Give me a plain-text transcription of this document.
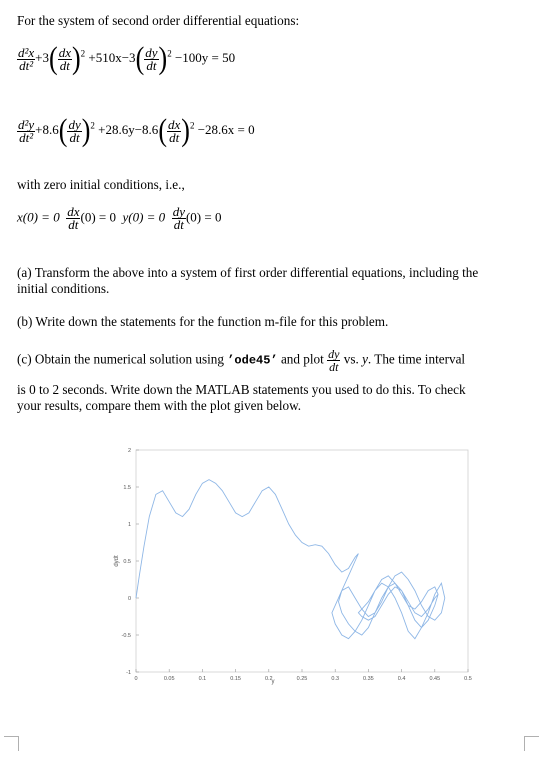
For the system of second order differential equations:
$\frac{\text{d²x}}{\text{dt²}} +3( \frac{dx}{dt} )^2 +510x-3( \frac{dy}{dt} )^2 -100y = 50$
$\frac{\text{d²y}}{\text{dt²}} +8.6( \frac{dy}{dt} )^2 +28.6y-8.6( \frac{dx}{dt} )^2 -28.6x = 0$
with zero initial conditions, i.e.,
$x(0) = 0 \frac{dx}{dt} (0) = 0$ $y(0) = 0 \frac{dy}{dt} (0) = 0$
(a) Transform the above into a system of first order differential equations, including the
initial conditions.
(b) Write down the statements for the function m-file for this problem.
(c) Obtain the numerical solution using ’ode45’ and plot $\frac{dy}{dt}$ vs. y. The time interval
is 0 to 2 seconds. Write down the MATLAB statements you used to do this. To check
your results, compare them with the plot given below.
-1
-0.5
0
0.5
1
1.5
2
0	0.05	0.1	0.15	0.2	0.25	0.3	0.35	0.4	0.45	0.5
y
dydt
